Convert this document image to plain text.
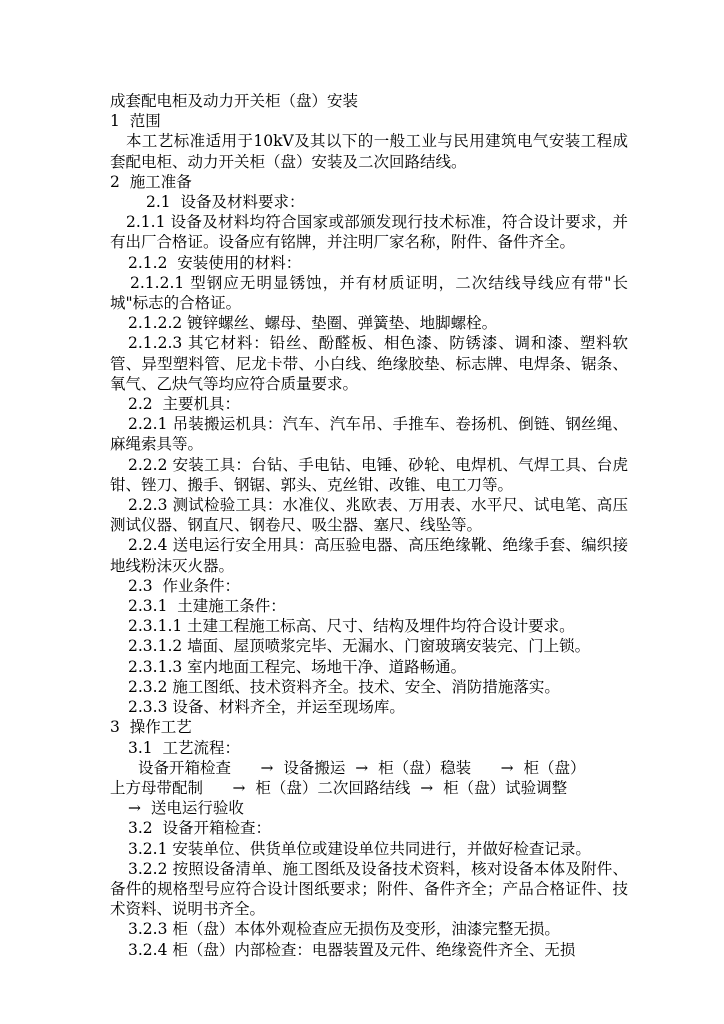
成套配电柜及动力开关柜（盘）安装
1  范围

本工艺标准适用于10kV及其以下的一般工业与民用建筑电气安装工程成套配电柜、动力开关柜（盘）安装及二次回路结线。

2  施工准备
2.1  设备及材料要求：

2.1.1 设备及材料均符合国家或部颁发现行技术标准，符合设计要求，并有出厂合格证。设备应有铭牌，并注明厂家名称，附件、备件齐全。

2.1.2  安装使用的材料：

2.1.2.1 型钢应无明显锈蚀，并有材质证明，二次结线导线应有带"长城"标志的合格证。

2.1.2.2 镀锌螺丝、螺母、垫圈、弹簧垫、地脚螺栓。

2.1.2.3 其它材料：铅丝、酚醛板、相色漆、防锈漆、调和漆、塑料软管、异型塑料管、尼龙卡带、小白线、绝缘胶垫、标志牌、电焊条、锯条、氧气、乙炔气等均应符合质量要求。

2.2  主要机具：

2.2.1 吊装搬运机具：汽车、汽车吊、手推车、卷扬机、倒链、钢丝绳、麻绳索具等。

2.2.2 安装工具：台钻、手电钻、电锤、砂轮、电焊机、气焊工具、台虎钳、锉刀、搬手、钢锯、郭头、克丝钳、改锥、电工刀等。

2.2.3 测试检验工具：水准仪、兆欧表、万用表、水平尺、试电笔、高压测试仪器、钢直尺、钢卷尺、吸尘器、塞尺、线坠等。

2.2.4 送电运行安全用具：高压验电器、高压绝缘靴、绝缘手套、编织接地线粉沫灭火器。

2.3  作业条件：
2.3.1  土建施工条件：

2.3.1.1 土建工程施工标高、尺寸、结构及埋件均符合设计要求。

2.3.1.2 墙面、屋顶喷浆完毕、无漏水、门窗玻璃安装完、门上锁。

2.3.1.3 室内地面工程完、场地干净、道路畅通。

2.3.2 施工图纸、技术资料齐全。技术、安全、消防措施落实。

2.3.3 设备、材料齐全，并运至现场库。

3  操作工艺
3.1  工艺流程：
设备开箱检查      →  设备搬运  →  柜（盘）稳装      →  柜（盘）
上方母带配制      →  柜（盘）二次回路结线  →  柜（盘）试验调整
→  送电运行验收
3.2  设备开箱检查：

3.2.1 安装单位、供货单位或建设单位共同进行，并做好检查记录。

3.2.2 按照设备清单、施工图纸及设备技术资料，核对设备本体及附件、备件的规格型号应符合设计图纸要求；附件、备件齐全；产品合格证件、技术资料、说明书齐全。

3.2.3 柜（盘）本体外观检查应无损伤及变形，油漆完整无损。

3.2.4 柜（盘）内部检查：电器装置及元件、绝缘瓷件齐全、无损
